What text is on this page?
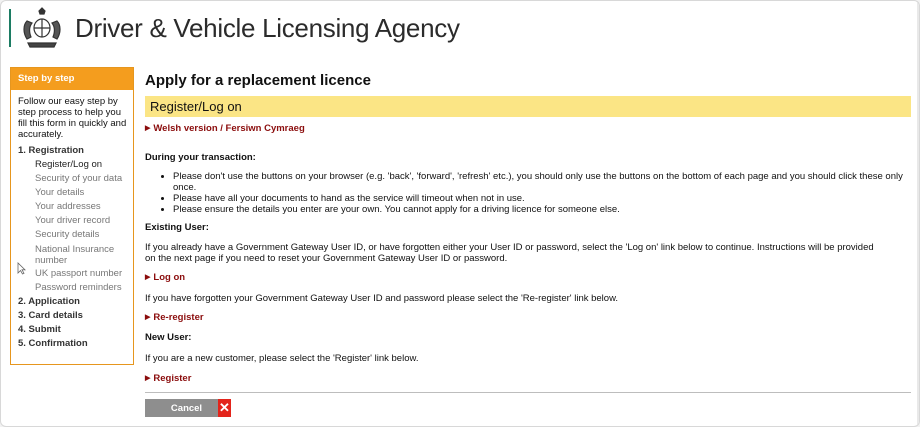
Driver & Vehicle Licensing Agency
Step by step
Follow our easy step by step process to help you fill this form in quickly and accurately.
1. Registration
Register/Log on
Security of your data
Your details
Your addresses
Your driver record
Security details
National Insurance number
UK passport number
Password reminders
2. Application
3. Card details
4. Submit
5. Confirmation
Apply for a replacement licence
Register/Log on
▶ Welsh version / Fersiwn Cymraeg
During your transaction:
• Please don't use the buttons on your browser (e.g. 'back', 'forward', 'refresh' etc.), you should only use the buttons on the bottom of each page and you should click these only once.
• Please have all your documents to hand as the service will timeout when not in use.
• Please ensure the details you enter are your own. You cannot apply for a driving licence for someone else.
Existing User:
If you already have a Government Gateway User ID, or have forgotten either your User ID or password, select the 'Log on' link below to continue. Instructions will be provided on the next page if you need to reset your Government Gateway User ID or password.
▶ Log on
If you have forgotten your Government Gateway User ID and password please select the 'Re-register' link below.
▶ Re-register
New User:
If you are a new customer, please select the 'Register' link below.
▶ Register
Cancel	✕
